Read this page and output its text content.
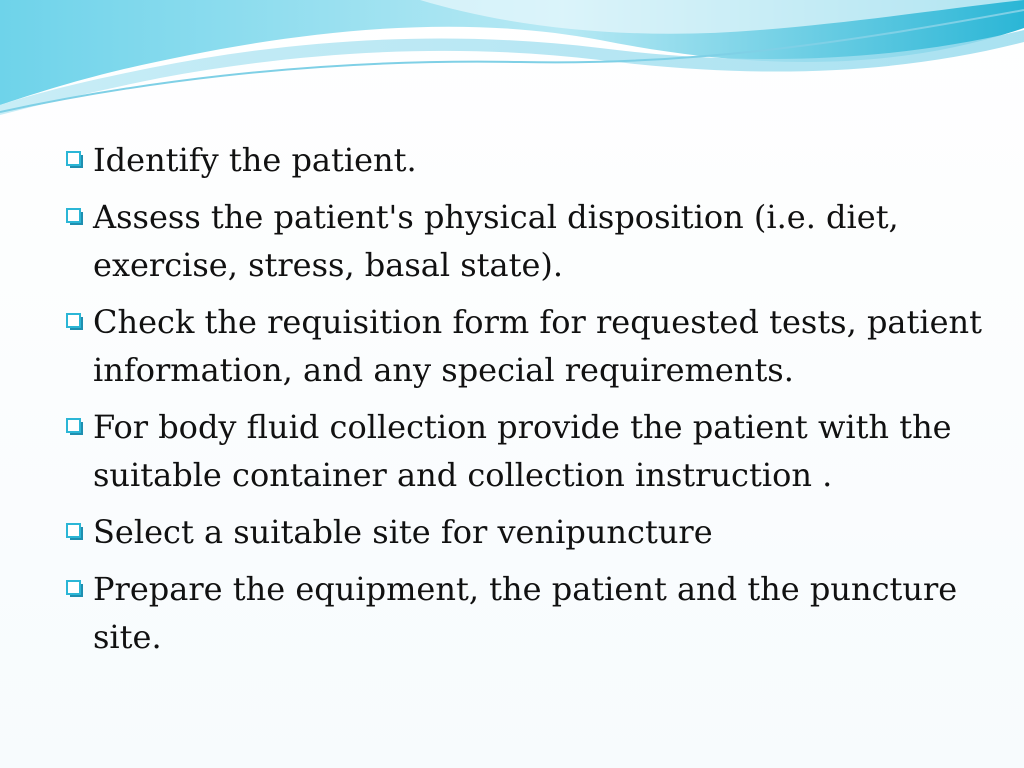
Identify the patient.
Assess the patient's physical disposition (i.e. diet, exercise, stress, basal state).
Check the requisition form for requested tests, patient information, and any special requirements.
For body fluid collection provide the patient with the suitable container and collection instruction .
Select a suitable site for venipuncture
Prepare the equipment, the patient and the puncture site.
